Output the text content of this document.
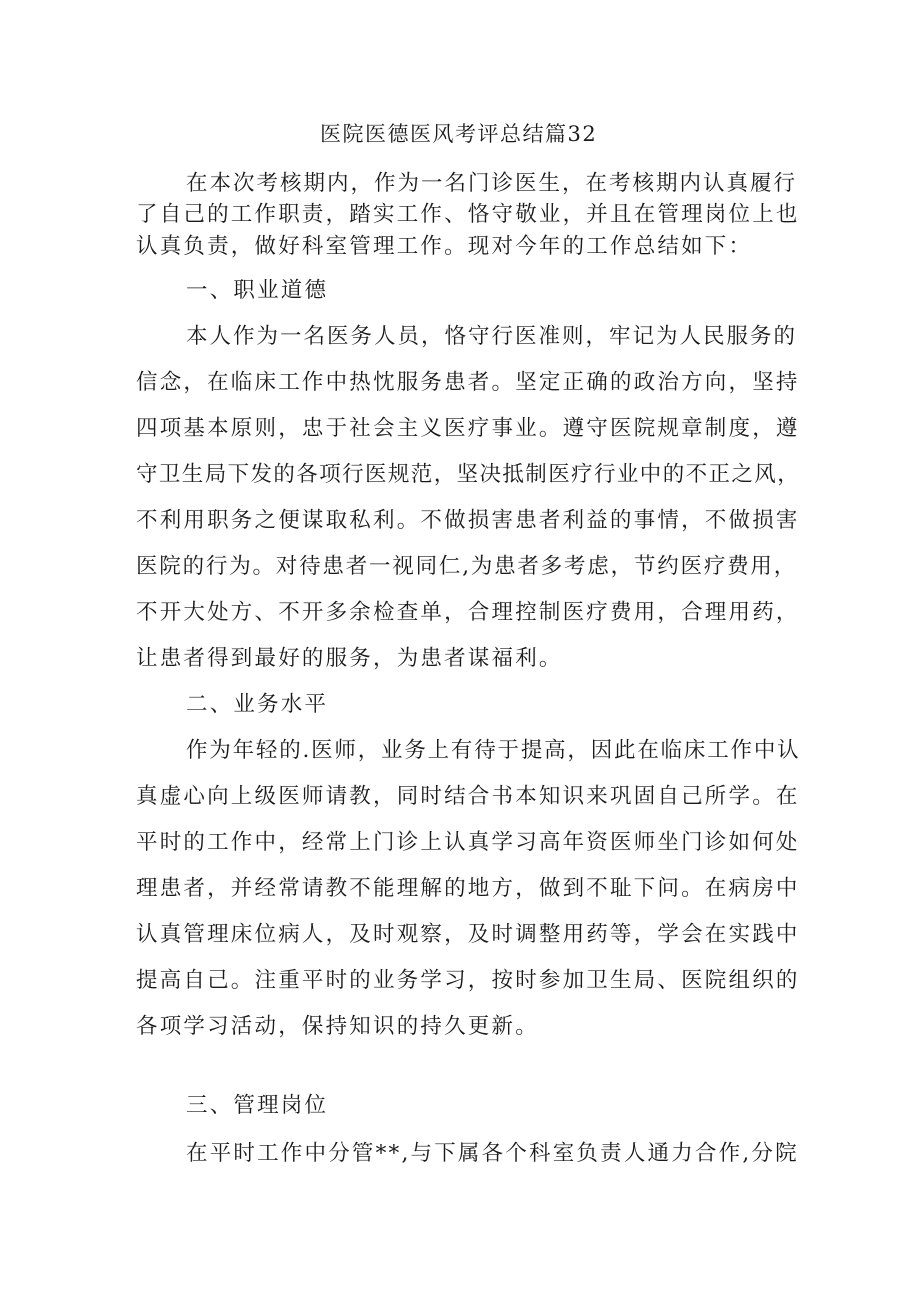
医院医德医风考评总结篇32
在本次考核期内，作为一名门诊医生，在考核期内认真履行
了自己的工作职责，踏实工作、恪守敬业，并且在管理岗位上也
认真负责，做好科室管理工作。现对今年的工作总结如下：
一、职业道德
本人作为一名医务人员，恪守行医准则，牢记为人民服务的
信念，在临床工作中热忱服务患者。坚定正确的政治方向，坚持
四项基本原则，忠于社会主义医疗事业。遵守医院规章制度，遵
守卫生局下发的各项行医规范，坚决抵制医疗行业中的不正之风，
不利用职务之便谋取私利。不做损害患者利益的事情，不做损害
医院的行为。对待患者一视同仁,为患者多考虑，节约医疗费用，
不开大处方、不开多余检查单，合理控制医疗费用，合理用药，
让患者得到最好的服务，为患者谋福利。
二、业务水平
作为年轻的.医师，业务上有待于提高，因此在临床工作中认
真虚心向上级医师请教，同时结合书本知识来巩固自己所学。在
平时的工作中，经常上门诊上认真学习高年资医师坐门诊如何处
理患者，并经常请教不能理解的地方，做到不耻下问。在病房中
认真管理床位病人，及时观察，及时调整用药等，学会在实践中
提高自己。注重平时的业务学习，按时参加卫生局、医院组织的
各项学习活动，保持知识的持久更新。
三、管理岗位
在平时工作中分管**,与下属各个科室负责人通力合作,分院
